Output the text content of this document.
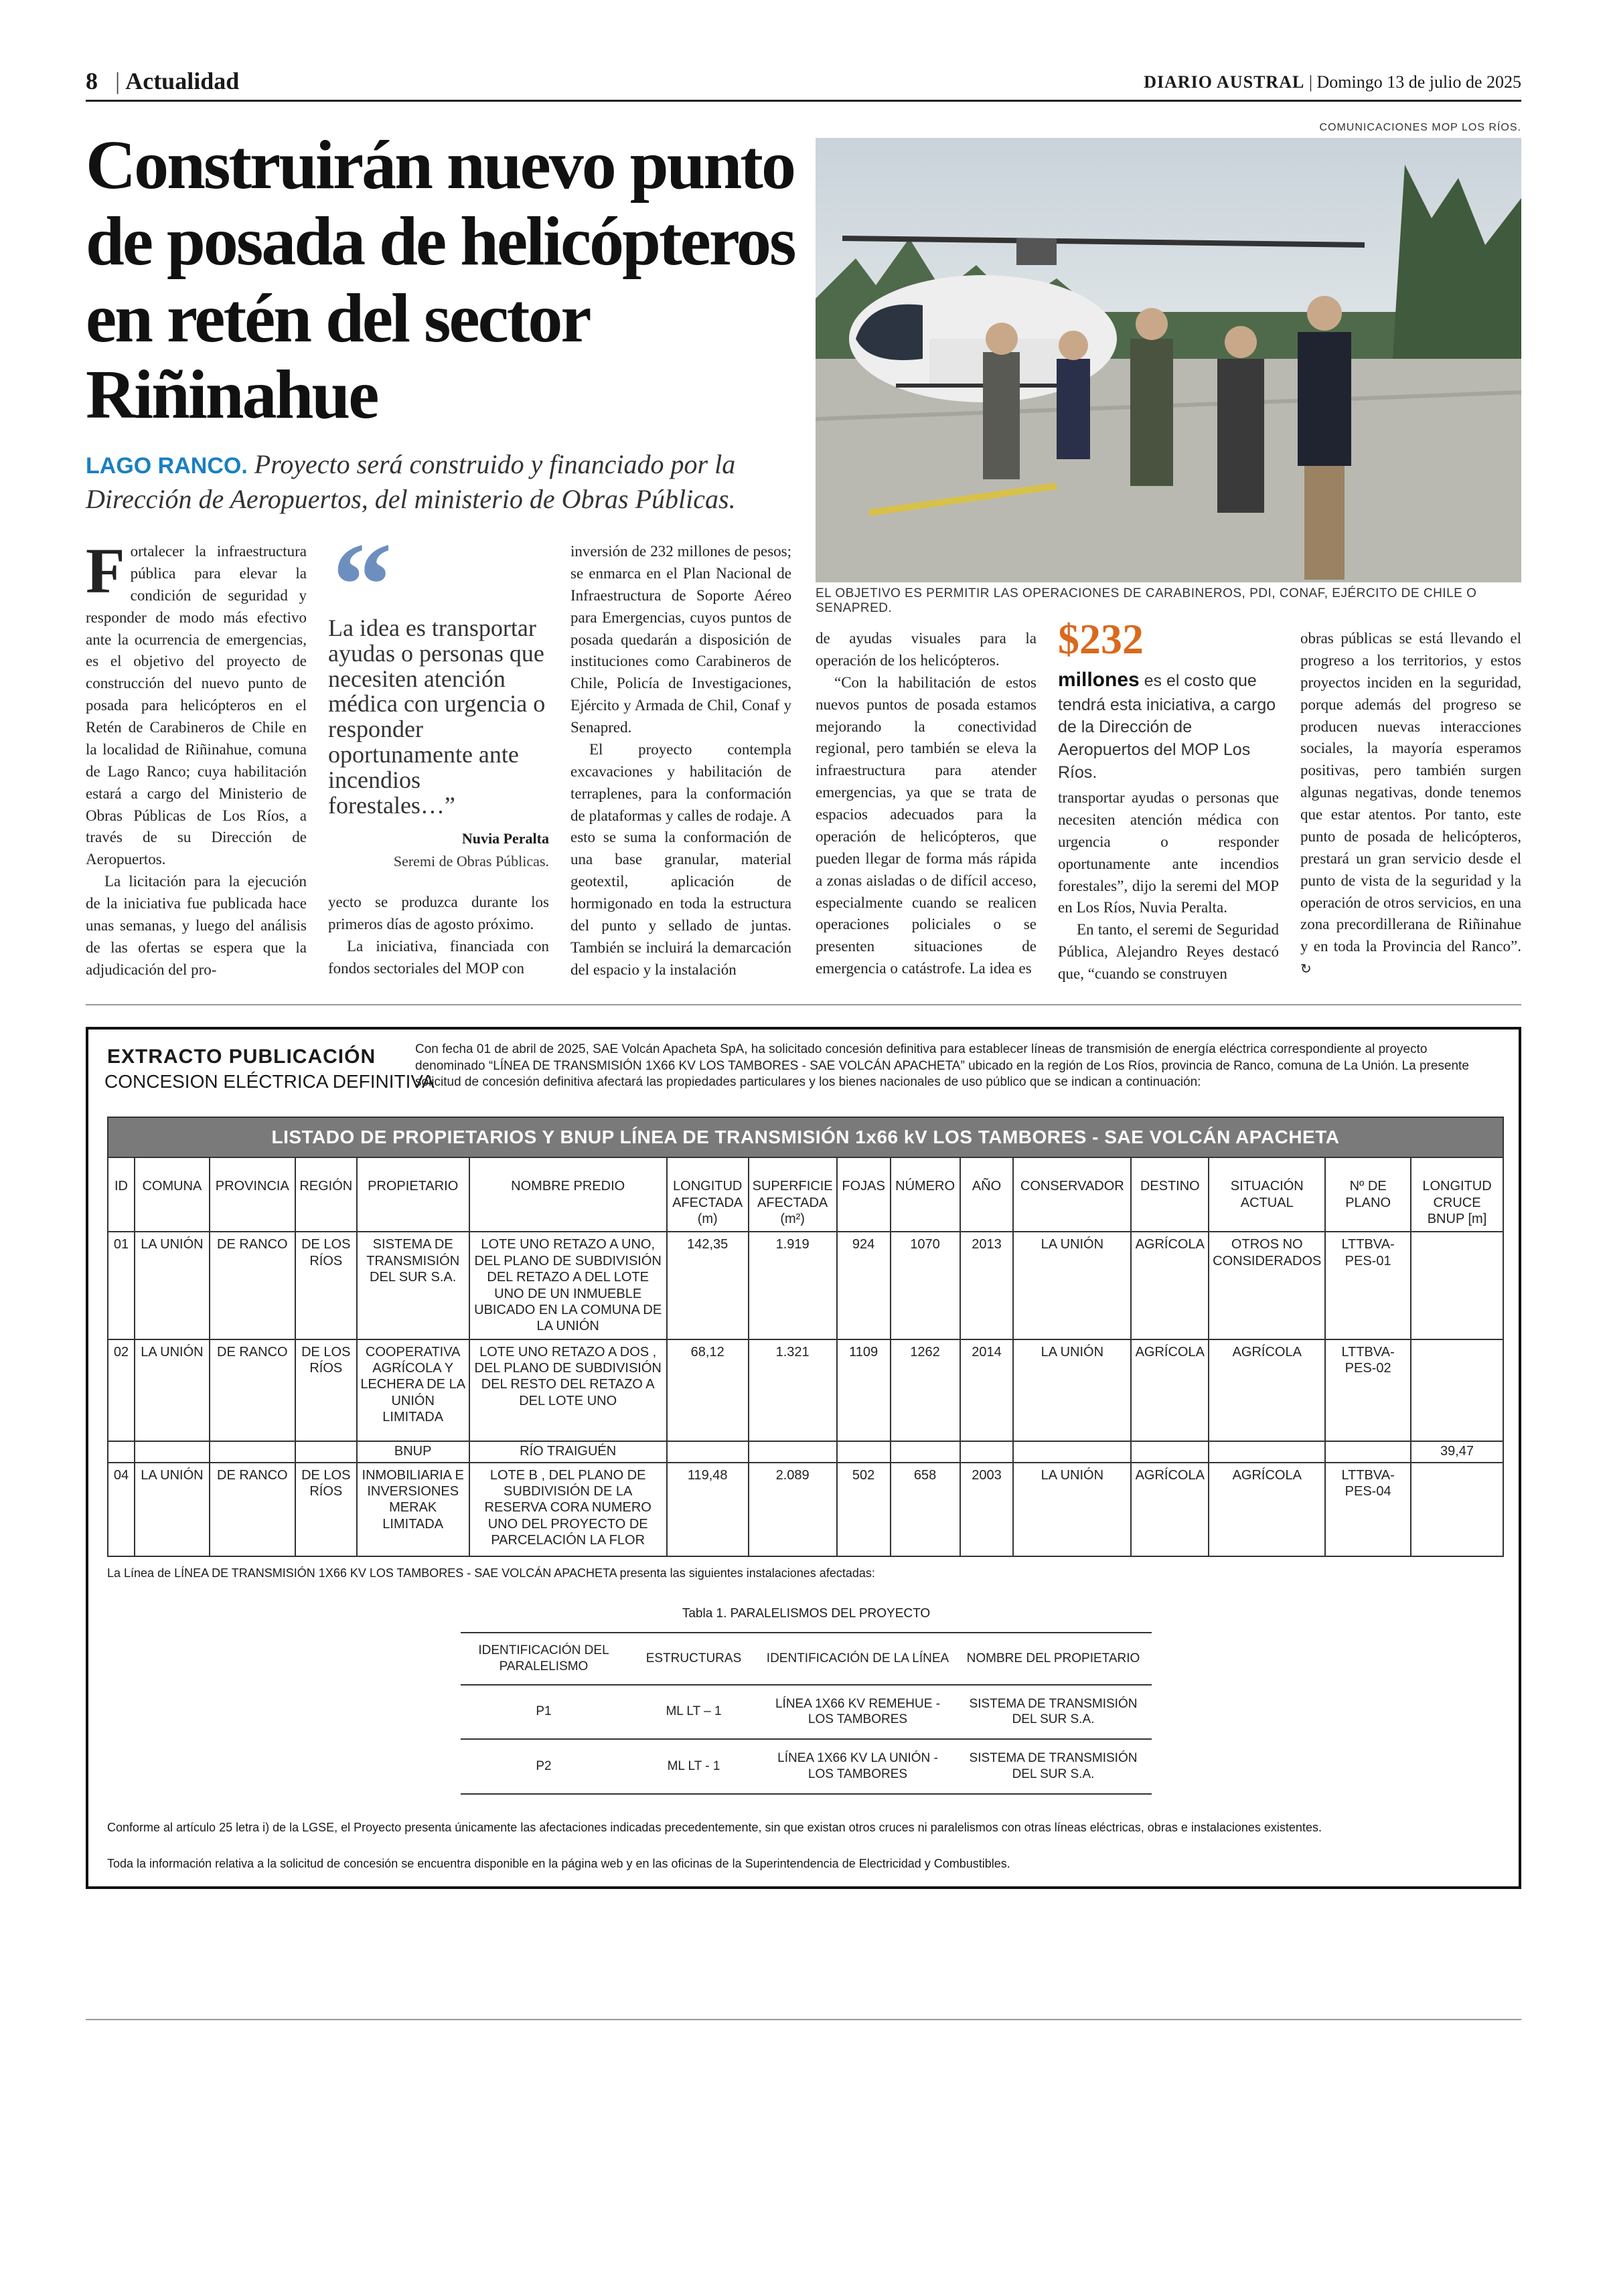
8	| Actualidad	DIARIO AUSTRAL | Domingo 13 de julio de 2025
Construirán nuevo punto de posada de helicópteros en retén del sector Riñinahue
LAGO RANCO. Proyecto será construido y financiado por la Dirección de Aeropuertos, del ministerio de Obras Públicas.
COMUNICACIONES MOP LOS RÍOS.
EL OBJETIVO ES PERMITIR LAS OPERACIONES DE CARABINEROS, PDI, CONAF, EJÉRCITO DE CHILE O SENAPRED.

Fortalecer la infraestructura pública para elevar la condición de seguridad y responder de modo más efectivo ante la ocurrencia de emergencias, es el objetivo del proyecto de construcción del nuevo punto de posada para helicópteros en el Retén de Carabineros de Chile en la localidad de Riñinahue, comuna de Lago Ranco; cuya habilitación estará a cargo del Ministerio de Obras Públicas de Los Ríos, a través de su Dirección de Aeropuertos.

La licitación para la ejecución de la iniciativa fue publicada hace unas semanas, y luego del análisis de las ofertas se espera que la adjudicación del pro-

“
La idea es transportar ayudas o personas que necesiten atención médica con urgencia o responder oportunamente ante incendios forestales…”
Nuvia Peralta
Seremi de Obras Públicas.

yecto se produzca durante los primeros días de agosto próximo.

La iniciativa, financiada con fondos sectoriales del MOP con

inversión de 232 millones de pesos; se enmarca en el Plan Nacional de Infraestructura de Soporte Aéreo para Emergencias, cuyos puntos de posada quedarán a disposición de instituciones como Carabineros de Chile, Policía de Investigaciones, Ejército y Armada de Chil, Conaf y Senapred.

El proyecto contempla excavaciones y habilitación de terraplenes, para la conformación de plataformas y calles de rodaje. A esto se suma la conformación de una base granular, material geotextil, aplicación de hormigonado en toda la estructura del punto y sellado de juntas. También se incluirá la demarcación del espacio y la instalación

de ayudas visuales para la operación de los helicópteros.

“Con la habilitación de estos nuevos puntos de posada estamos mejorando la conectividad regional, pero también se eleva la infraestructura para atender emergencias, ya que se trata de espacios adecuados para la operación de helicópteros, que pueden llegar de forma más rápida a zonas aisladas o de difícil acceso, especialmente cuando se realicen operaciones policiales o se presenten situaciones de emergencia o catástrofe. La idea es

$232
millones es el costo que tendrá esta iniciativa, a cargo de la Dirección de Aeropuertos del MOP Los Ríos.

transportar ayudas o personas que necesiten atención médica con urgencia o responder oportunamente ante incendios forestales”, dijo la seremi del MOP en Los Ríos, Nuvia Peralta.

En tanto, el seremi de Seguridad Pública, Alejandro Reyes destacó que, “cuando se construyen

obras públicas se está llevando el progreso a los territorios, y estos proyectos inciden en la seguridad, porque además del progreso se producen nuevas interacciones sociales, la mayoría esperamos positivas, pero también surgen algunas negativas, donde tenemos que estar atentos. Por tanto, este punto de posada de helicópteros, prestará un gran servicio desde el punto de vista de la seguridad y la operación de otros servicios, en una zona precordillerana de Riñinahue y en toda la Provincia del Ranco”. ↻

EXTRACTO PUBLICACIÓN
CONCESION ELÉCTRICA DEFINITIVA
Con fecha 01 de abril de 2025, SAE Volcán Apacheta SpA, ha solicitado concesión definitiva para establecer líneas de transmisión de energía eléctrica correspondiente al proyecto denominado “LÍNEA DE TRANSMISIÓN 1X66 KV LOS TAMBORES - SAE VOLCÁN APACHETA” ubicado en la región de Los Ríos, provincia de Ranco, comuna de La Unión. La presente solicitud de concesión definitiva afectará las propiedades particulares y los bienes nacionales de uso público que se indican a continuación:
LISTADO DE PROPIETARIOS Y BNUP LÍNEA DE TRANSMISIÓN 1x66 kV LOS TAMBORES - SAE VOLCÁN APACHETA															
ID	COMUNA	PROVINCIA	REGIÓN	PROPIETARIO	NOMBRE PREDIO	LONGITUD AFECTADA (m)	SUPERFICIE AFECTADA (m²)	FOJAS	NÚMERO	AÑO	CONSERVADOR	DESTINO	SITUACIÓN ACTUAL	Nº DE PLANO	LONGITUD CRUCE BNUP [m]
01	LA UNIÓN	DE RANCO	DE LOS RÍOS	SISTEMA DE TRANSMISIÓN DEL SUR S.A.	LOTE UNO RETAZO A UNO, DEL PLANO DE SUBDIVISIÓN DEL RETAZO A DEL LOTE UNO DE UN INMUEBLE UBICADO EN LA COMUNA DE LA UNIÓN	142,35	1.919	924	1070	2013	LA UNIÓN	AGRÍCOLA	OTROS NO CONSIDERADOS	LTTBVA-PES-01	
02	LA UNIÓN	DE RANCO	DE LOS RÍOS	COOPERATIVA AGRÍCOLA Y LECHERA DE LA UNIÓN LIMITADA	LOTE UNO RETAZO A DOS , DEL PLANO DE SUBDIVISIÓN DEL RESTO DEL RETAZO A DEL LOTE UNO	68,12	1.321	1109	1262	2014	LA UNIÓN	AGRÍCOLA	AGRÍCOLA	LTTBVA-PES-02	
				BNUP	RÍO TRAIGUÉN										39,47
04	LA UNIÓN	DE RANCO	DE LOS RÍOS	INMOBILIARIA E INVERSIONES MERAK LIMITADA	LOTE B , DEL PLANO DE SUBDIVISIÓN DE LA RESERVA CORA NUMERO UNO DEL PROYECTO DE PARCELACIÓN LA FLOR	119,48	2.089	502	658	2003	LA UNIÓN	AGRÍCOLA	AGRÍCOLA	LTTBVA-PES-04	
La Línea de LÍNEA DE TRANSMISIÓN 1X66 KV LOS TAMBORES - SAE VOLCÁN APACHETA presenta las siguientes instalaciones afectadas:
Tabla 1. PARALELISMOS DEL PROYECTO
IDENTIFICACIÓN DEL PARALELISMO	ESTRUCTURAS	IDENTIFICACIÓN DE LA LÍNEA	NOMBRE DEL PROPIETARIO
P1	ML LT – 1	LÍNEA 1X66 KV REMEHUE - LOS TAMBORES	SISTEMA DE TRANSMISIÓN DEL SUR S.A.
P2	ML LT - 1	LÍNEA 1X66 KV LA UNIÓN - LOS TAMBORES	SISTEMA DE TRANSMISIÓN DEL SUR S.A.
Conforme al artículo 25 letra i) de la LGSE, el Proyecto presenta únicamente las afectaciones indicadas precedentemente, sin que existan otros cruces ni paralelismos con otras líneas eléctricas, obras e instalaciones existentes.
Toda la información relativa a la solicitud de concesión se encuentra disponible en la página web y en las oficinas de la Superintendencia de Electricidad y Combustibles.
